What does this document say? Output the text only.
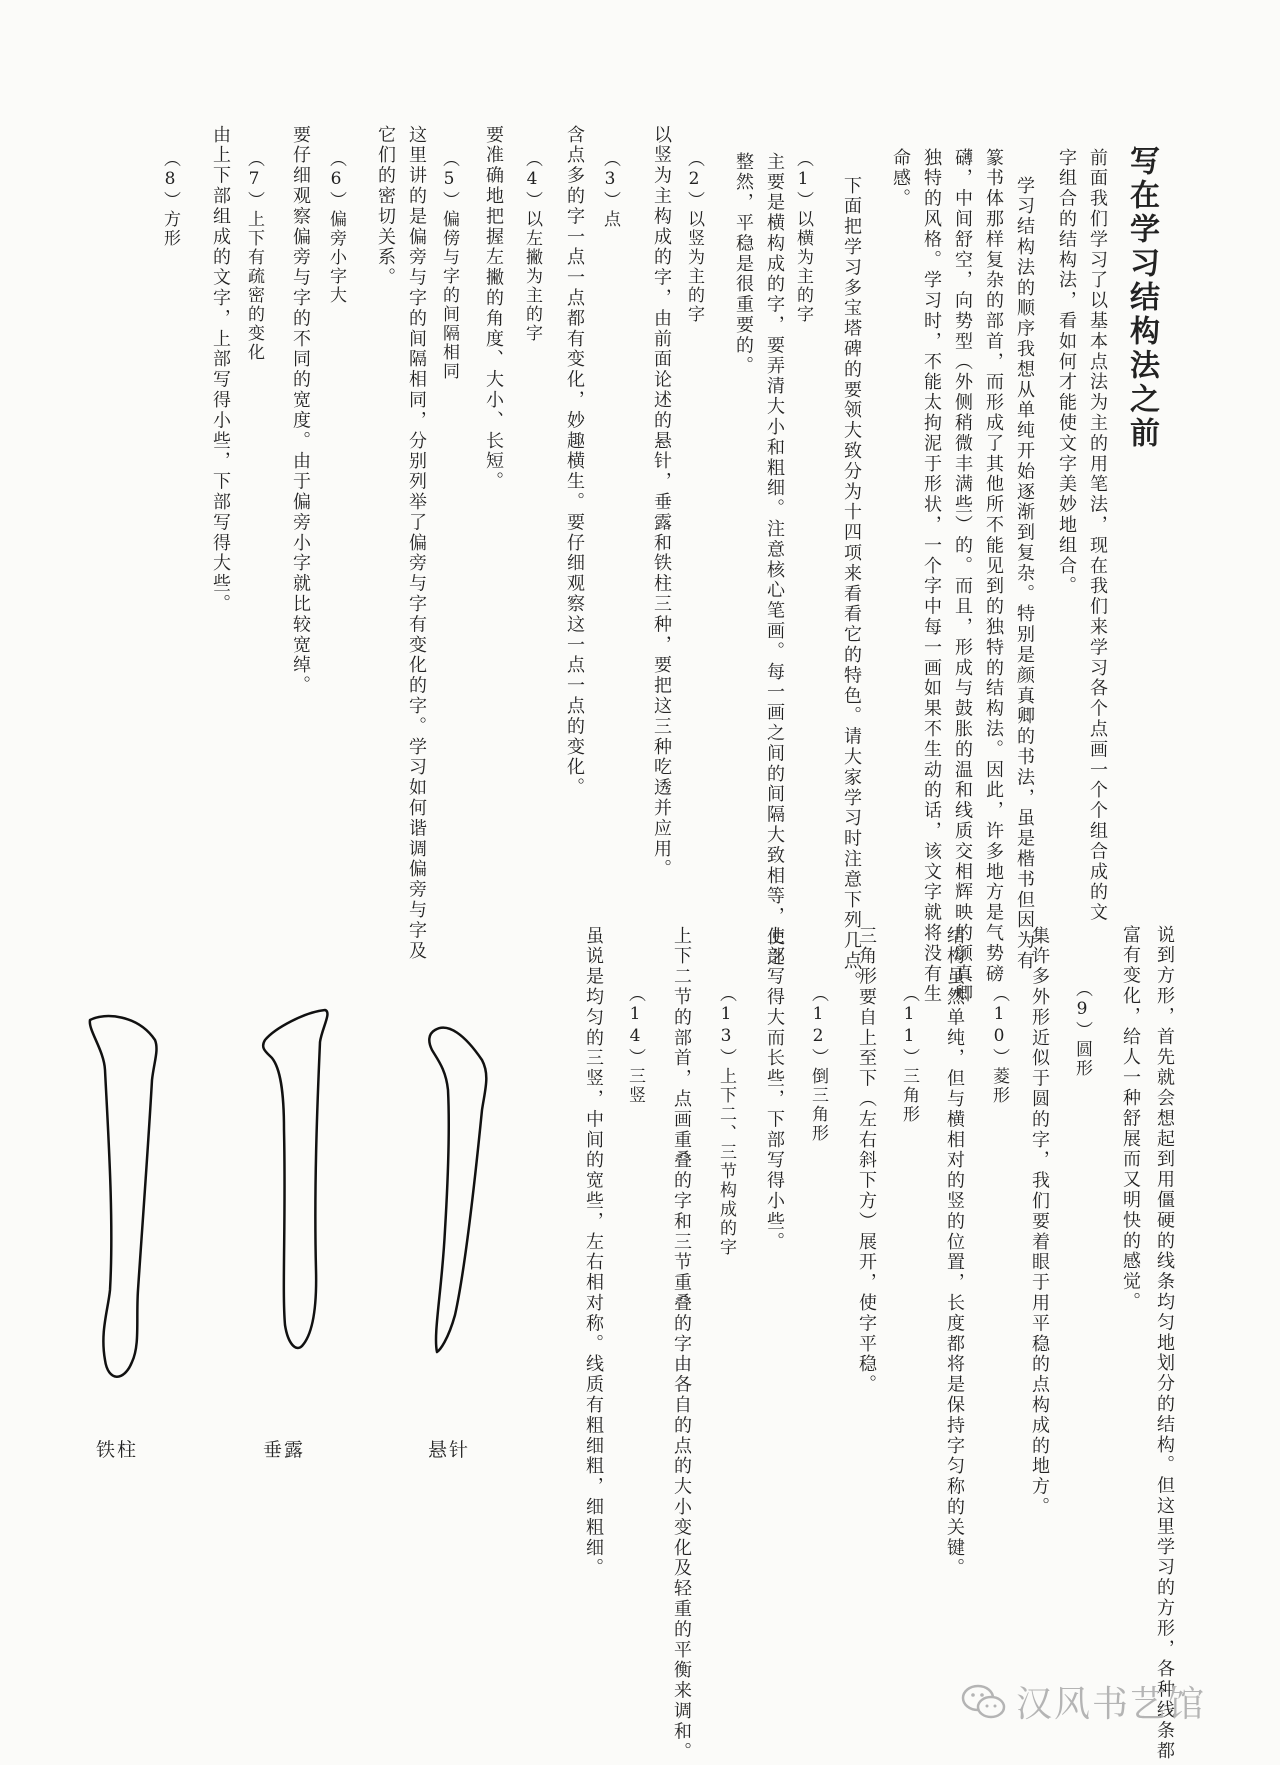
写在学习结构法之前
前面我们学习了以基本点法为主的用笔法，现在我们来学习各个点画一个个组合成的文
字组合的结构法，看如何才能使文字美妙地组合。
学习结构法的顺序我想从单纯开始逐渐到复杂。特别是颜真卿的书法，虽是楷书但因为有
篆书体那样复杂的部首，而形成了其他所不能见到的独特的结构法。因此，许多地方是气势磅
礴，中间舒空，向势型（外侧稍微丰满些）的。而且，形成与鼓胀的温和线质交相辉映的颜真卿
独特的风格。学习时，不能太拘泥于形状，一个字中每一画如果不生动的话，该文字就将没有生
命感。
下面把学习多宝塔碑的要领大致分为十四项来看看它的特色。请大家学习时注意下列几点。
（1）以横为主的字
主要是横构成的字，要弄清大小和粗细。注意核心笔画。每一画之间的间隔大致相等，使之
整然，平稳是很重要的。
（2）以竖为主的字
以竖为主构成的字，由前面论述的悬针，垂露和铁柱三种，要把这三种吃透并应用。
（3）点
含点多的字一点一点都有变化，妙趣横生。要仔细观察这一点一点的变化。
（4）以左撇为主的字
要准确地把握左撇的角度、大小、长短。
（5）偏傍与字的间隔相同
这里讲的是偏旁与字的间隔相同，分别列举了偏旁与字有变化的字。学习如何谐调偏旁与字及
它们的密切关系。
（6）偏旁小字大
要仔细观察偏旁与字的不同的宽度。由于偏旁小字就比较宽绰。
（7）上下有疏密的变化
由上下部组成的文字，上部写得小些，下部写得大些。
（8）方形
说到方形，首先就会想起到用僵硬的线条均匀地划分的结构。但这里学习的方形，各种线条都
富有变化，给人一种舒展而又明快的感觉。
（9）圆形
集许多外形近似于圆的字，我们要着眼于用平稳的点构成的地方。
（10）菱形
结构虽然单纯，但与横相对的竖的位置，长度都将是保持字匀称的关键。
（11）三角形
三角形要自上至下（左右斜下方）展开，使字平稳。
（12）倒三角形
上部写得大而长些，下部写得小些。
（13）上下二、三节构成的字
上下二节的部首，点画重叠的字和三节重叠的字由各自的点的大小变化及轻重的平衡来调和。
（14）三竖
虽说是均匀的三竖，中间的宽些，左右相对称。线质有粗细粗，细粗细。
铁柱	垂露	悬针
汉风书艺馆
